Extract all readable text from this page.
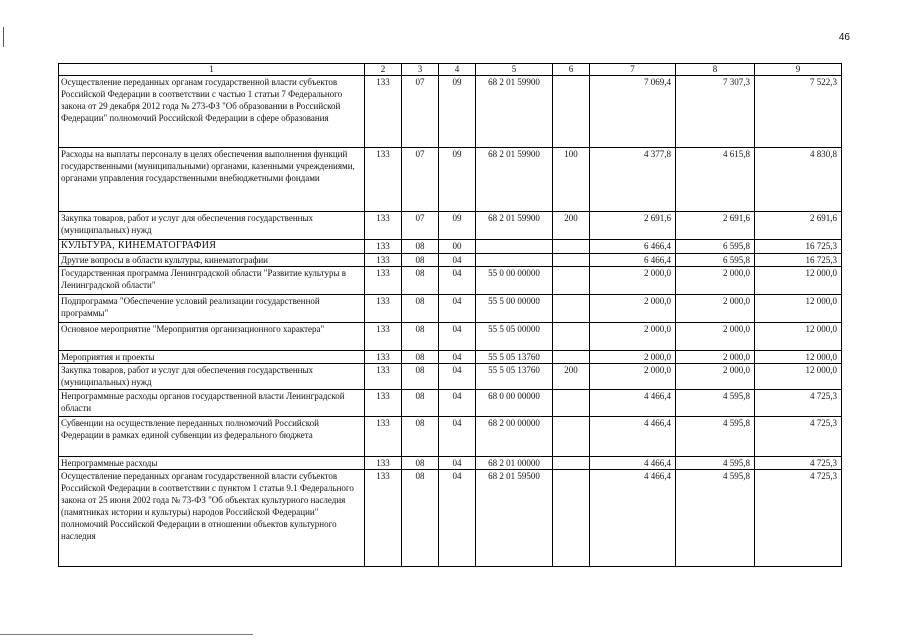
46
1	2	3	4	5	6	7	8	9
Осуществление переданных органам государственной власти субъектов Российской Федерации в соответствии с частью 1 статьи 7 Федерального закона от 29 декабря 2012 года № 273-ФЗ "Об образовании в Российской Федерации" полномочий Российской Федерации в сфере образования	133	07	09	68 2 01 59900		7 069,4	7 307,3	7 522,3
Расходы на выплаты персоналу в целях обеспечения выполнения функций государственными (муниципальными) органами, казенными учреждениями, органами управления государственными внебюджетными фондами	133	07	09	68 2 01 59900	100	4 377,8	4 615,8	4 830,8
Закупка товаров, работ и услуг для обеспечения государственных (муниципальных) нужд	133	07	09	68 2 01 59900	200	2 691,6	2 691,6	2 691,6
КУЛЬТУРА, КИНЕМАТОГРАФИЯ	133	08	00			6 466,4	6 595,8	16 725,3
Другие вопросы в области культуры, кинематографии	133	08	04			6 466,4	6 595,8	16 725,3
Государственная программа Ленинградской области "Развитие культуры в Ленинградской области"	133	08	04	55 0 00 00000		2 000,0	2 000,0	12 000,0
Подпрограмма "Обеспечение условий реализации государственной программы"	133	08	04	55 5 00 00000		2 000,0	2 000,0	12 000,0
Основное мероприятие "Мероприятия организационного характера"	133	08	04	55 5 05 00000		2 000,0	2 000,0	12 000,0
Мероприятия и проекты	133	08	04	55 5 05 13760		2 000,0	2 000,0	12 000,0
Закупка товаров, работ и услуг для обеспечения государственных (муниципальных) нужд	133	08	04	55 5 05 13760	200	2 000,0	2 000,0	12 000,0
Непрограммные расходы органов государственной власти Ленинградской области	133	08	04	68 0 00 00000		4 466,4	4 595,8	4 725,3
Субвенции на осуществление переданных полномочий Российской Федерации в рамках единой субвенции из федерального бюджета	133	08	04	68 2 00 00000		4 466,4	4 595,8	4 725,3
Непрограммные расходы	133	08	04	68 2 01 00000		4 466,4	4 595,8	4 725,3
Осуществление переданных органам государственной власти субъектов Российской Федерации в соответствии с пунктом 1 статьи 9.1 Федерального закона от 25 июня 2002 года № 73-ФЗ "Об объектах культурного наследия (памятниках истории и культуры) народов Российской Федерации" полномочий Российской Федерации в отношении объектов культурного наследия	133	08	04	68 2 01 59500		4 466,4	4 595,8	4 725,3
